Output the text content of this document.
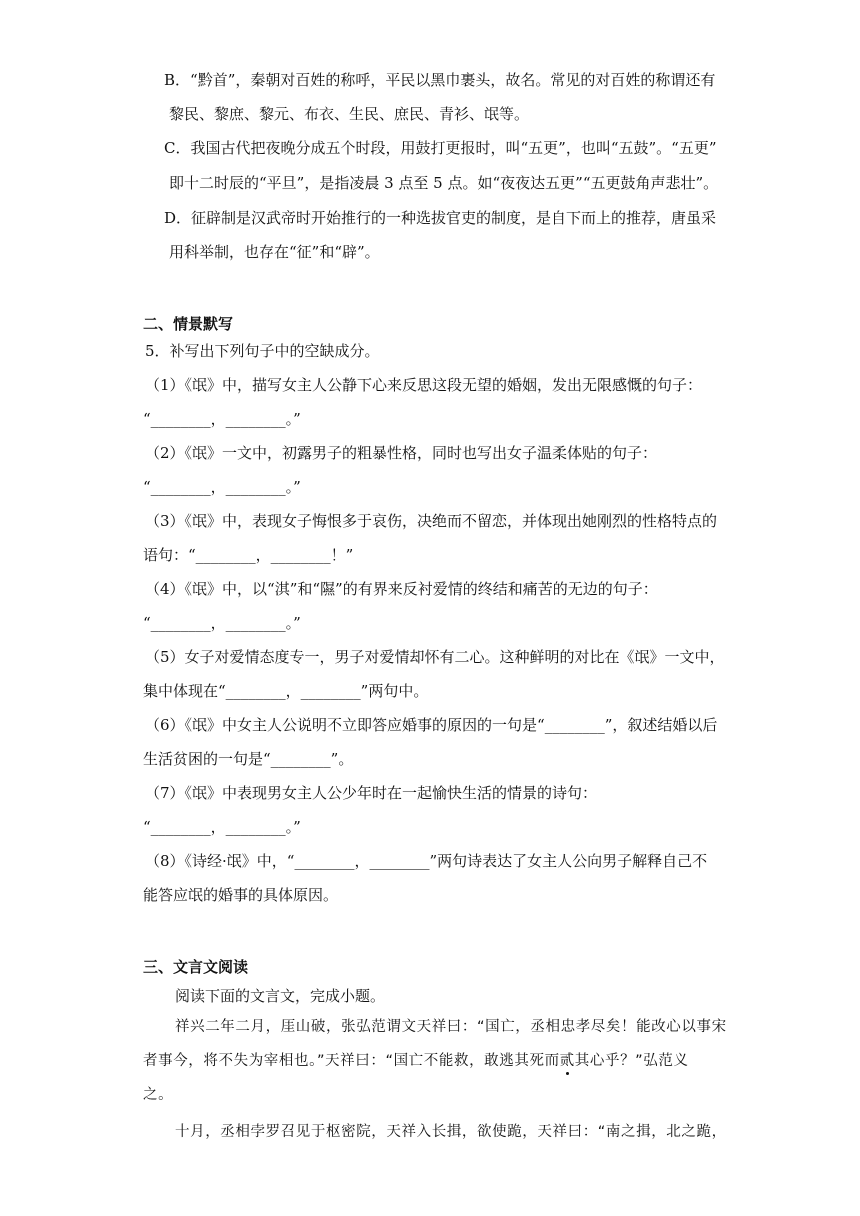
B．“黔首”，秦朝对百姓的称呼，平民以黑巾裹头，故名。常见的对百姓的称谓还有
黎民、黎庶、黎元、布衣、生民、庶民、青衫、氓等。
C．我国古代把夜晚分成五个时段，用鼓打更报时，叫“五更”，也叫“五鼓”。“五更”
即十二时辰的“平旦”，是指凌晨 3 点至 5 点。如“夜夜达五更”“五更鼓角声悲壮”。
D．征辟制是汉武帝时开始推行的一种选拔官吏的制度，是自下而上的推荐，唐虽采
用科举制，也存在“征”和“辟”。
二、情景默写
5．补写出下列句子中的空缺成分。
（1）《氓》中，描写女主人公静下心来反思这段无望的婚姻，发出无限感慨的句子：
“________，________。”
（2）《氓》一文中，初露男子的粗暴性格，同时也写出女子温柔体贴的句子：
“________，________。”
（3）《氓》中，表现女子悔恨多于哀伤，决绝而不留恋，并体现出她刚烈的性格特点的
语句：“________，________！”
（4）《氓》中，以“淇”和“隰”的有界来反衬爱情的终结和痛苦的无边的句子：
“________，________。”
（5）女子对爱情态度专一，男子对爱情却怀有二心。这种鲜明的对比在《氓》一文中，
集中体现在“________，________”两句中。
（6）《氓》中女主人公说明不立即答应婚事的原因的一句是“________”，叙述结婚以后
生活贫困的一句是“________”。
（7）《氓》中表现男女主人公少年时在一起愉快生活的情景的诗句：
“________，________。”
（8）《诗经·氓》中，“________，________”两句诗表达了女主人公向男子解释自己不
能答应氓的婚事的具体原因。
三、文言文阅读
阅读下面的文言文，完成小题。
祥兴二年二月，厓山破，张弘范谓文天祥曰：“国亡，丞相忠孝尽矣！能改心以事宋
者事今，将不失为宰相也。”天祥曰：“国亡不能救，敢逃其死而贰其心乎？”弘范义
之。
十月，丞相孛罗召见于枢密院，天祥入长揖，欲使跪，天祥曰：“南之揖，北之跪，
